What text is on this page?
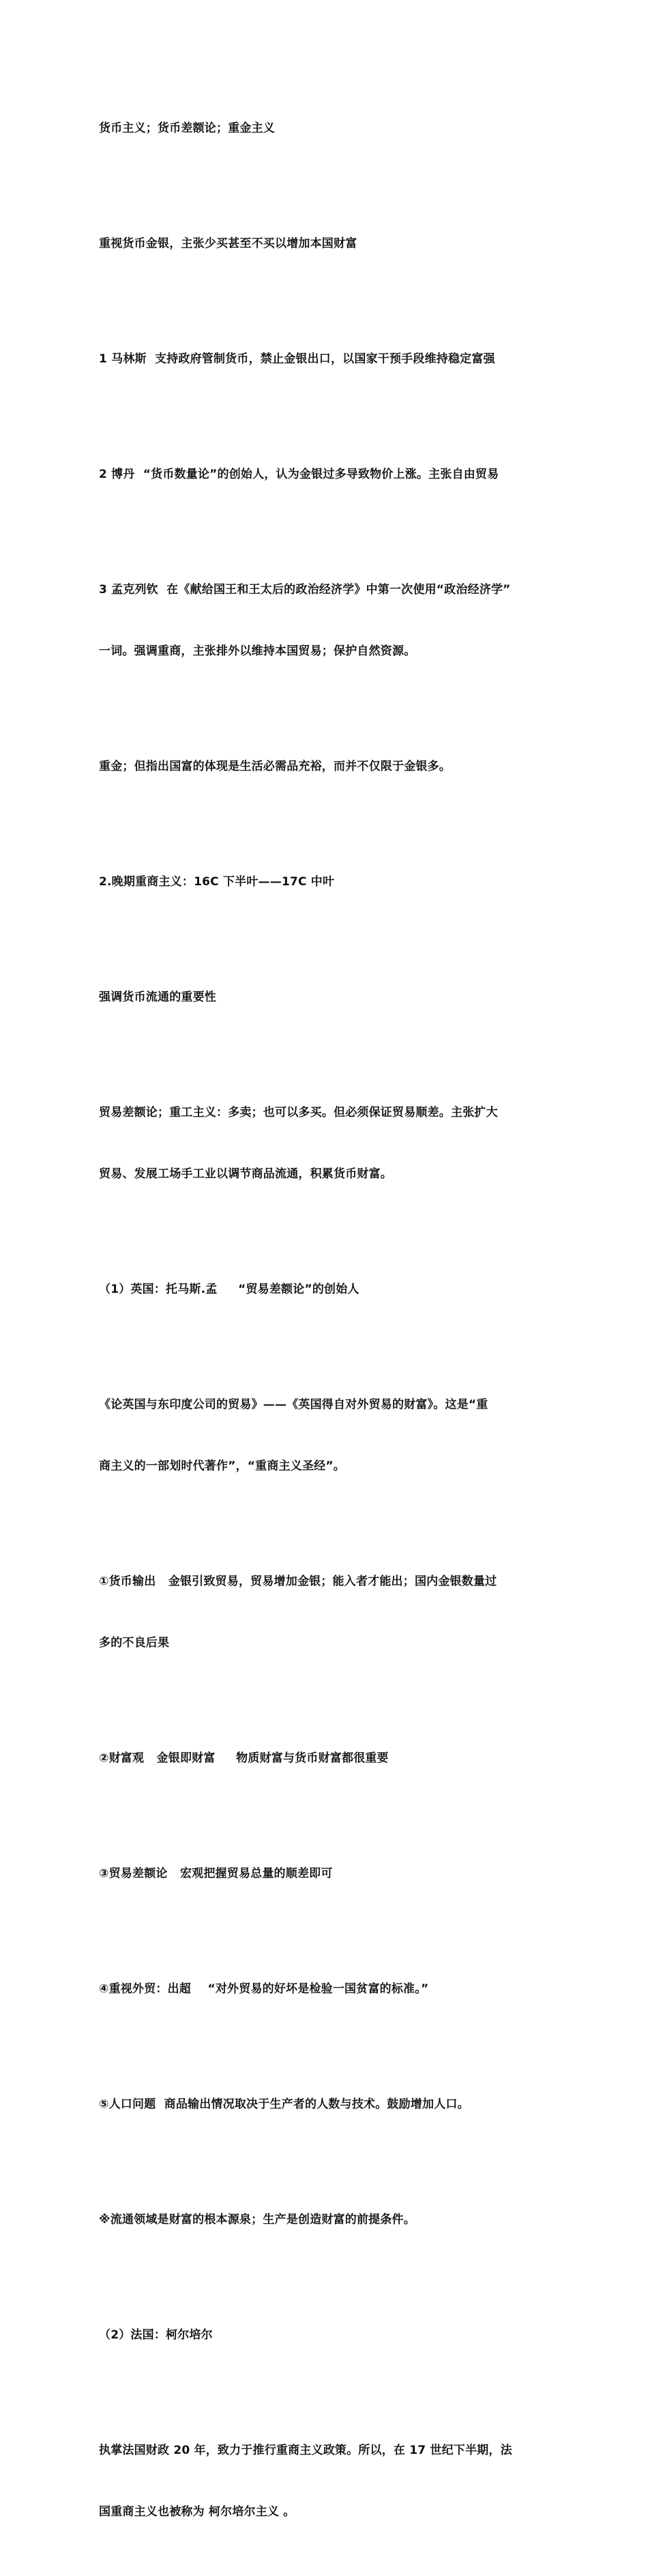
货币主义；货币差额论；重金主义

重视货币金银，主张少买甚至不买以增加本国财富

1 马林斯  支持政府管制货币，禁止金银出口，以国家干预手段维持稳定富强

2 博丹  “货币数量论”的创始人，认为金银过多导致物价上涨。主张自由贸易

3 孟克列钦  在《献给国王和王太后的政治经济学》中第一次使用“政治经济学”

一词。强调重商，主张排外以维持本国贸易；保护自然资源。

重金；但指出国富的体现是生活必需品充裕，而并不仅限于金银多。

2.晚期重商主义：16C 下半叶——17C 中叶

强调货币流通的重要性

贸易差额论；重工主义：多卖；也可以多买。但必须保证贸易顺差。主张扩大

贸易、发展工场手工业以调节商品流通，积累货币财富。

（1）英国：托马斯.孟     “贸易差额论”的创始人

《论英国与东印度公司的贸易》——《英国得自对外贸易的财富》。这是“重

商主义的一部划时代著作”，“重商主义圣经”。

①货币输出   金银引致贸易，贸易增加金银；能入者才能出；国内金银数量过

多的不良后果

②财富观   金银即财富     物质财富与货币财富都很重要

③贸易差额论   宏观把握贸易总量的顺差即可

④重视外贸：出超    “对外贸易的好坏是检验一国贫富的标准。”

⑤人口问题  商品输出情况取决于生产者的人数与技术。鼓励增加人口。

※流通领域是财富的根本源泉；生产是创造财富的前提条件。

（2）法国：柯尔培尔

执掌法国财政 20 年，致力于推行重商主义政策。所以，在 17 世纪下半期，法

国重商主义也被称为 柯尔培尔主义 。
